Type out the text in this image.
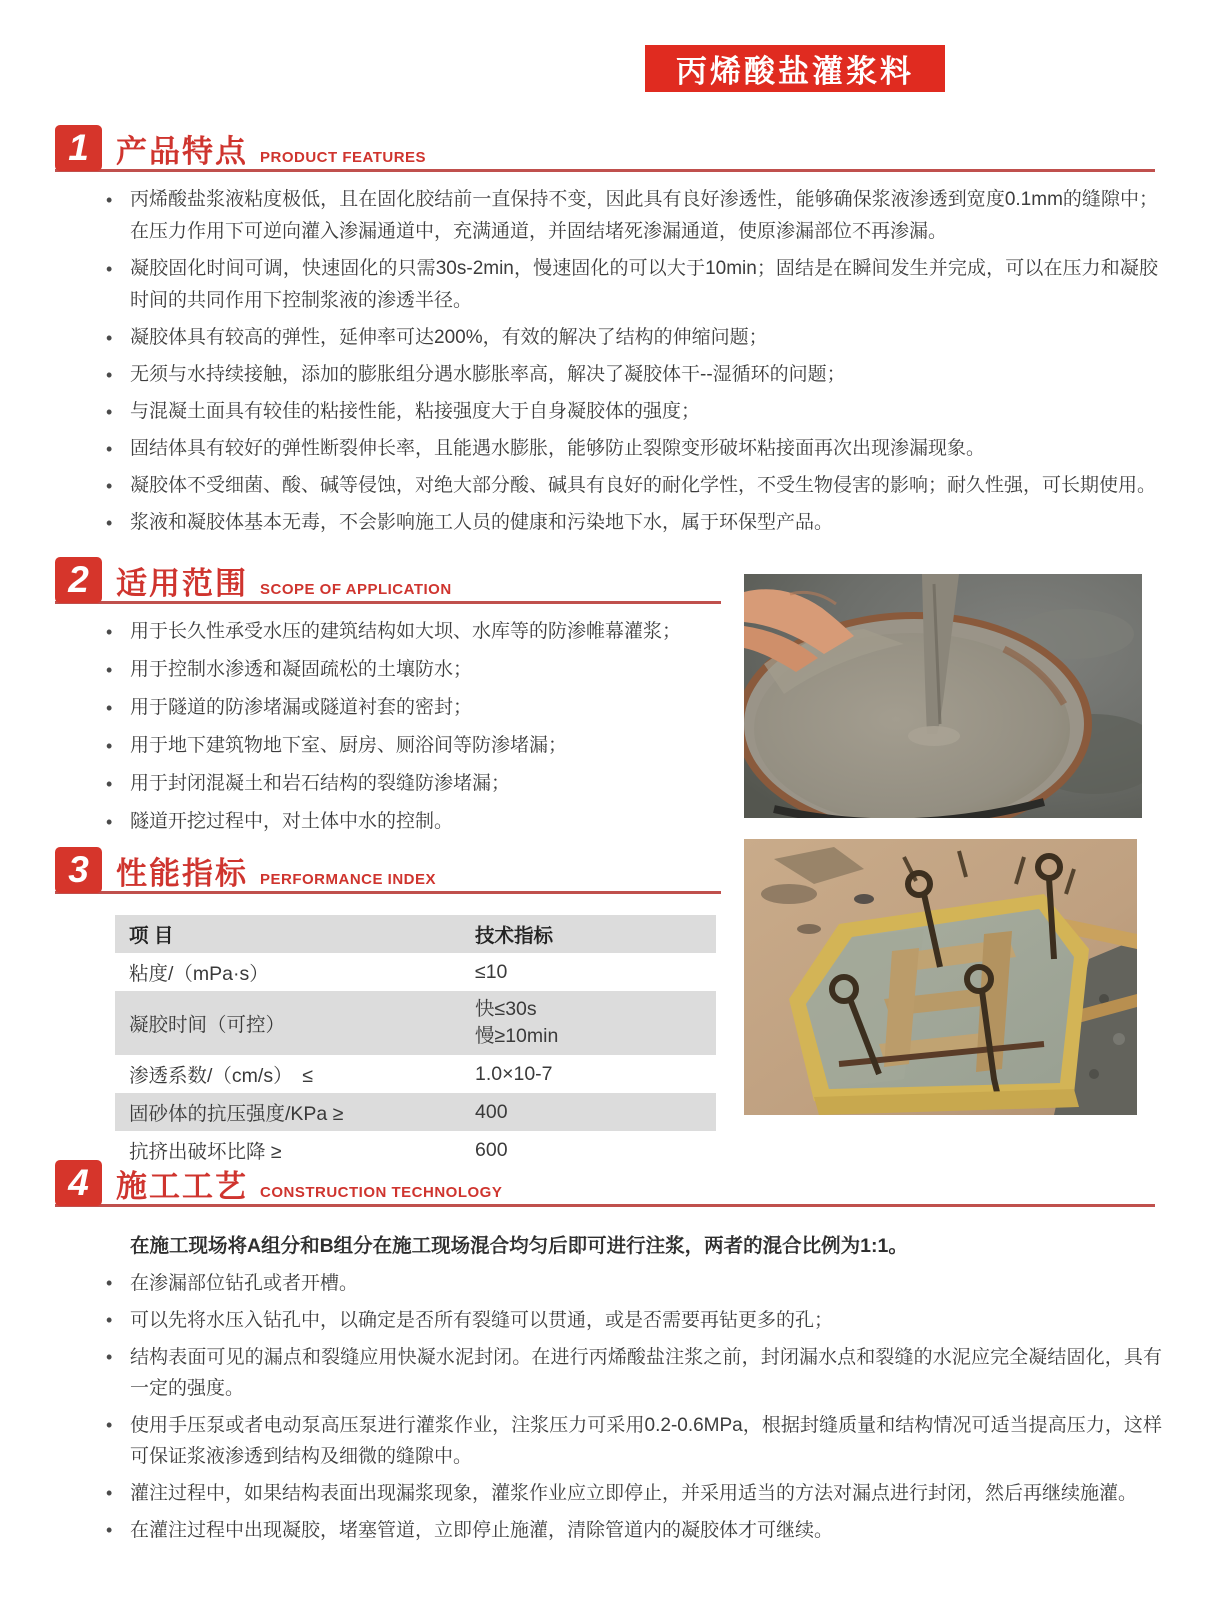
丙烯酸盐灌浆料
1 产品特点 PRODUCT FEATURES
• 丙烯酸盐浆液粘度极低，且在固化胶结前一直保持不变，因此具有良好渗透性，能够确保浆液渗透到宽度0.1mm的缝隙中；在压力作用下可逆向灌入渗漏通道中，充满通道，并固结堵死渗漏通道，使原渗漏部位不再渗漏。
• 凝胶固化时间可调，快速固化的只需30s-2min，慢速固化的可以大于10min；固结是在瞬间发生并完成，可以在压力和凝胶时间的共同作用下控制浆液的渗透半径。
• 凝胶体具有较高的弹性，延伸率可达200%，有效的解决了结构的伸缩问题；
• 无须与水持续接触，添加的膨胀组分遇水膨胀率高，解决了凝胶体干--湿循环的问题；
• 与混凝土面具有较佳的粘接性能，粘接强度大于自身凝胶体的强度；
• 固结体具有较好的弹性断裂伸长率，且能遇水膨胀，能够防止裂隙变形破坏粘接面再次出现渗漏现象。
• 凝胶体不受细菌、酸、碱等侵蚀，对绝大部分酸、碱具有良好的耐化学性，不受生物侵害的影响；耐久性强，可长期使用。
• 浆液和凝胶体基本无毒，不会影响施工人员的健康和污染地下水，属于环保型产品。
2 适用范围 SCOPE OF APPLICATION
• 用于长久性承受水压的建筑结构如大坝、水库等的防渗帷幕灌浆；
• 用于控制水渗透和凝固疏松的土壤防水；
• 用于隧道的防渗堵漏或隧道衬套的密封；
• 用于地下建筑物地下室、厨房、厕浴间等防渗堵漏；
• 用于封闭混凝土和岩石结构的裂缝防渗堵漏；
• 隧道开挖过程中，对土体中水的控制。
3 性能指标 PERFORMANCE INDEX
项 目	技术指标
粘度/（mPa·s）	≤10
凝胶时间（可控）	快≤30s
慢≥10min

渗透系数/（cm/s）　≤	1.0×10-7
固砂体的抗压强度/KPa ≥	400
抗挤出破坏比降 ≥	600
4 施工工艺 CONSTRUCTION TECHNOLOGY
在施工现场将A组分和B组分在施工现场混合均匀后即可进行注浆，两者的混合比例为1:1。
• 在渗漏部位钻孔或者开槽。
• 可以先将水压入钻孔中，以确定是否所有裂缝可以贯通，或是否需要再钻更多的孔；
• 结构表面可见的漏点和裂缝应用快凝水泥封闭。在进行丙烯酸盐注浆之前，封闭漏水点和裂缝的水泥应完全凝结固化，具有一定的强度。
• 使用手压泵或者电动泵高压泵进行灌浆作业，注浆压力可采用0.2-0.6MPa，根据封缝质量和结构情况可适当提高压力，这样可保证浆液渗透到结构及细微的缝隙中。
• 灌注过程中，如果结构表面出现漏浆现象，灌浆作业应立即停止，并采用适当的方法对漏点进行封闭，然后再继续施灌。
• 在灌注过程中出现凝胶，堵塞管道，立即停止施灌，清除管道内的凝胶体才可继续。
